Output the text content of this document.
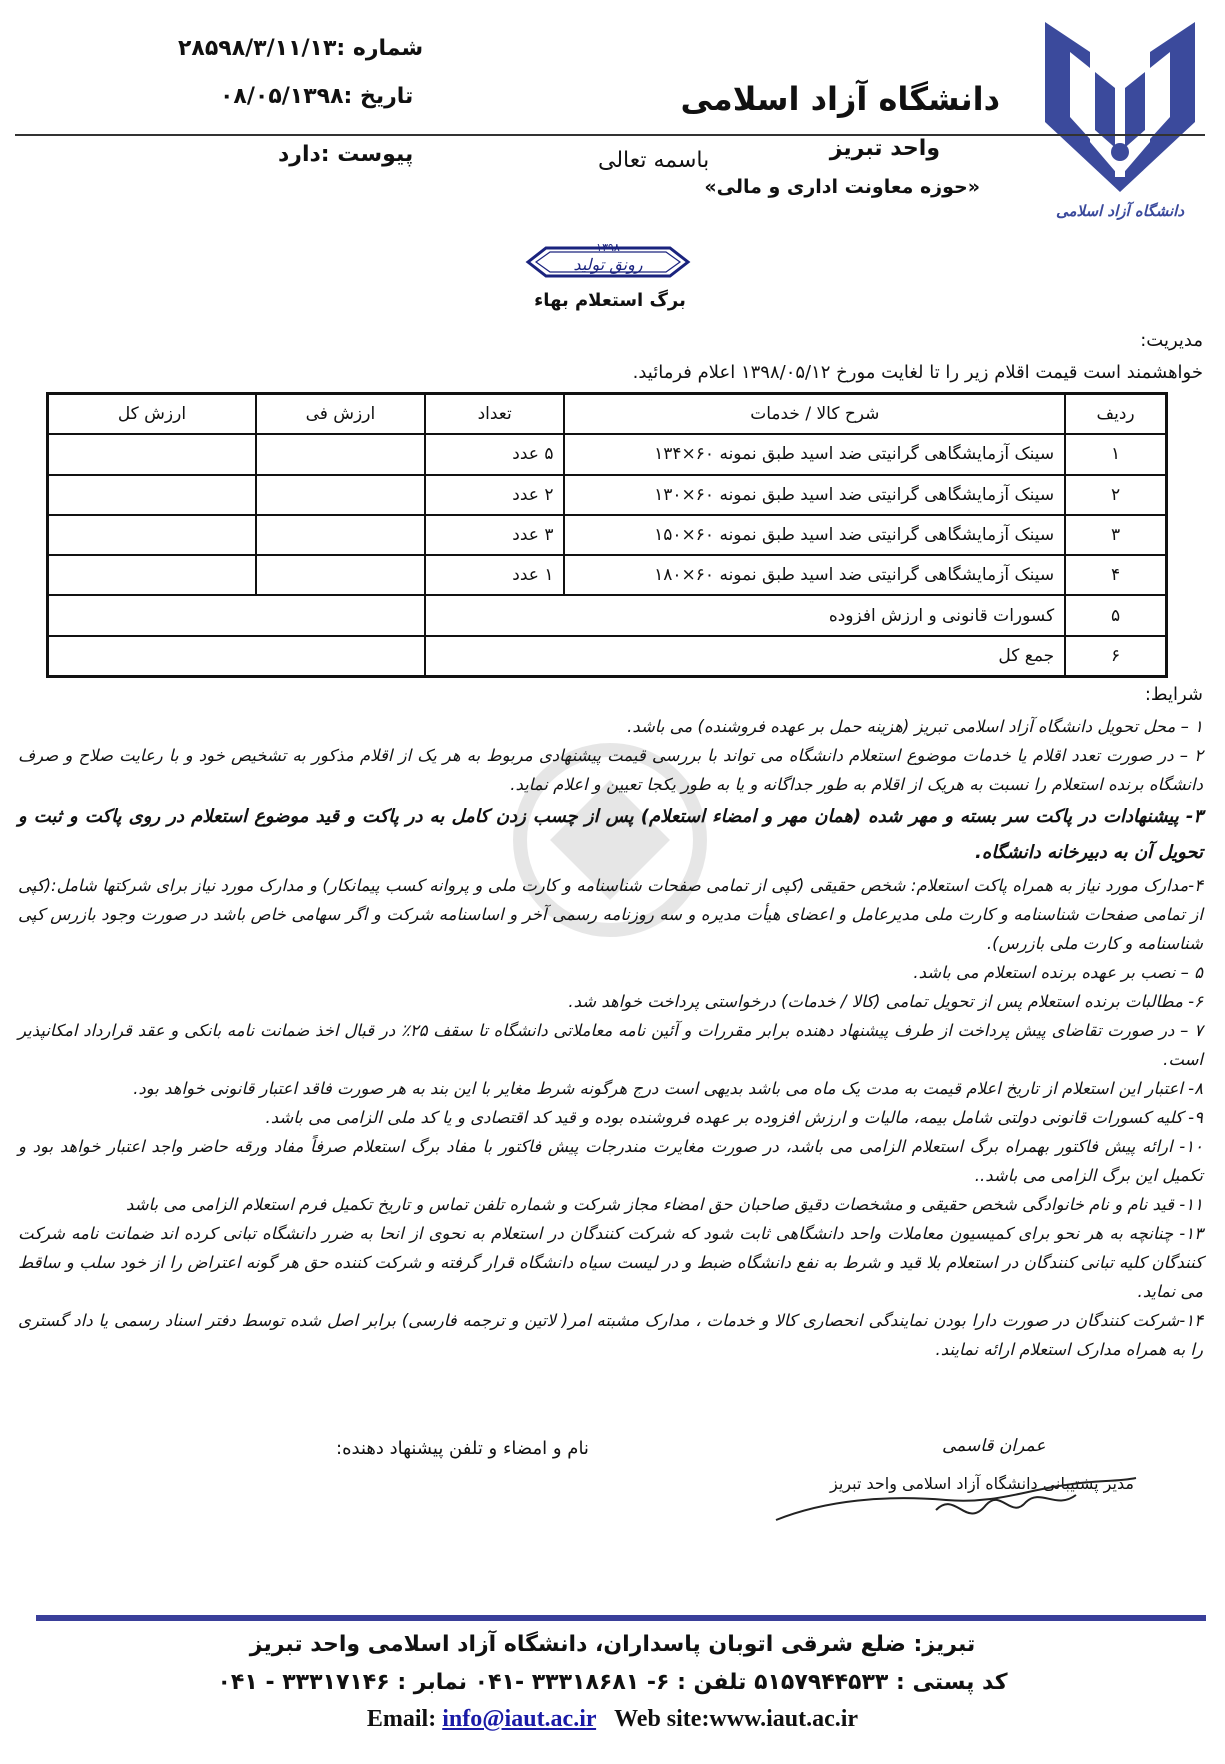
دانشگاه آزاد اسلامی
دانشگاه آزاد اسلامی
واحد تبریز
«حوزه معاونت اداری و مالی»
باسمه تعالی
شماره :۲۸۵۹۸/۳/۱۱/۱۳
تاریخ :۰۸/۰۵/۱۳۹۸
پیوست :دارد
۱۳۹۸
رونق تولید
برگ استعلام بهاء
مدیریت:
خواهشمند است قیمت اقلام زیر را تا لغایت مورخ ۱۳۹۸/۰۵/۱۲ اعلام فرمائید.
ردیف	شرح کالا / خدمات	تعداد	ارزش فی	ارزش کل
۱	سینک آزمایشگاهی گرانیتی ضد اسید طبق نمونه ۶۰×۱۳۴	۵ عدد		
۲	سینک آزمایشگاهی گرانیتی ضد اسید طبق نمونه ۶۰×۱۳۰	۲ عدد		
۳	سینک آزمایشگاهی گرانیتی ضد اسید طبق نمونه ۶۰×۱۵۰	۳ عدد		
۴	سینک آزمایشگاهی گرانیتی ضد اسید طبق نمونه ۶۰×۱۸۰	۱ عدد		
۵	کسورات قانونی و ارزش افزوده			
۶	جمع کل			
شرایط:

۱ – محل تحویل دانشگاه آزاد اسلامی تبریز (هزینه حمل بر عهده فروشنده) می باشد.

۲ – در صورت تعدد اقلام یا خدمات موضوع استعلام دانشگاه می تواند با بررسی قیمت پیشنهادی مربوط به هر یک از اقلام مذکور به تشخیص خود و با رعایت صلاح و صرف دانشگاه برنده استعلام را نسبت به هریک از اقلام به طور جداگانه و یا به طور یکجا تعیین و اعلام نماید.

۳- پیشنهادات در پاکت سر بسته و مهر شده (همان مهر و امضاء استعلام) پس از چسب زدن کامل به در پاکت و قید موضوع استعلام در روی پاکت و ثبت و تحویل آن به دبیرخانه دانشگاه.

۴-مدارک مورد نیاز به همراه پاکت استعلام: شخص حقیقی (کپی از تمامی صفحات شناسنامه و کارت ملی و پروانه کسب پیمانکار) و مدارک مورد نیاز برای شرکتها شامل:(کپی از تمامی صفحات شناسنامه و کارت ملی مدیرعامل و اعضای هیأت مدیره و سه روزنامه رسمی آخر و اساسنامه شرکت و اگر سهامی خاص باشد در صورت وجود بازرس کپی شناسنامه و کارت ملی بازرس).

۵ – نصب بر عهده برنده استعلام می باشد.

۶- مطالبات برنده استعلام پس از تحویل تمامی (کالا / خدمات) درخواستی پرداخت خواهد شد.

۷ – در صورت تقاضای پیش پرداخت از طرف پیشنهاد دهنده برابر مقررات و آئین نامه معاملاتی دانشگاه تا سقف ۲۵٪ در قبال اخذ ضمانت نامه بانکی و عقد قرارداد امکانپذیر است.

۸- اعتبار این استعلام از تاریخ اعلام قیمت به مدت یک ماه می باشد بدیهی است درج هرگونه شرط مغایر با این بند به هر صورت فاقد اعتبار قانونی خواهد بود.

۹- کلیه کسورات قانونی دولتی شامل بیمه، مالیات و ارزش افزوده بر عهده فروشنده بوده و قید کد اقتصادی و یا کد ملی الزامی می باشد.

۱۰- ارائه پیش فاکتور بهمراه برگ استعلام الزامی می باشد، در صورت مغایرت مندرجات پیش فاکتور با مفاد برگ استعلام صرفاً مفاد ورقه حاضر واجد اعتبار خواهد بود و تکمیل این برگ الزامی می باشد..

۱۱- قید نام و نام خانوادگی شخص حقیقی و مشخصات دقیق صاحبان حق امضاء مجاز شرکت و شماره تلفن تماس و تاریخ تکمیل فرم استعلام الزامی می باشد

۱۳- چنانچه به هر نحو برای کمیسیون معاملات واحد دانشگاهی ثابت شود که شرکت کنندگان در استعلام به نحوی از انحا به ضرر دانشگاه تبانی کرده اند ضمانت نامه شرکت کنندگان کلیه تبانی کنندگان در استعلام بلا قید و شرط به نفع دانشگاه ضبط و در لیست سیاه دانشگاه قرار گرفته و شرکت کننده حق هر گونه اعتراض را از خود سلب و ساقط می نماید.

۱۴-شرکت کنندگان در صورت دارا بودن نمایندگی انحصاری کالا و خدمات ، مدارک مشبته امر( لاتین و ترجمه فارسی) برابر اصل شده توسط دفتر اسناد رسمی یا داد گستری را به همراه مدارک استعلام ارائه نمایند.

نام و امضاء و تلفن پیشنهاد دهنده:	عمران قاسمی
مدیر پشتیبانی دانشگاه آزاد اسلامی واحد تبریز
تبریز: ضلع شرقی اتوبان پاسداران، دانشگاه آزاد اسلامی واحد تبریز
کد پستی : ۵۱۵۷۹۴۴۵۳۳ تلفن : ۶- ۳۳۳۱۸۶۸۱ -۰۴۱ نمابر : ۳۳۳۱۷۱۴۶ - ۰۴۱
Email: info@iaut.ac.ir Web site:www.iaut.ac.ir
